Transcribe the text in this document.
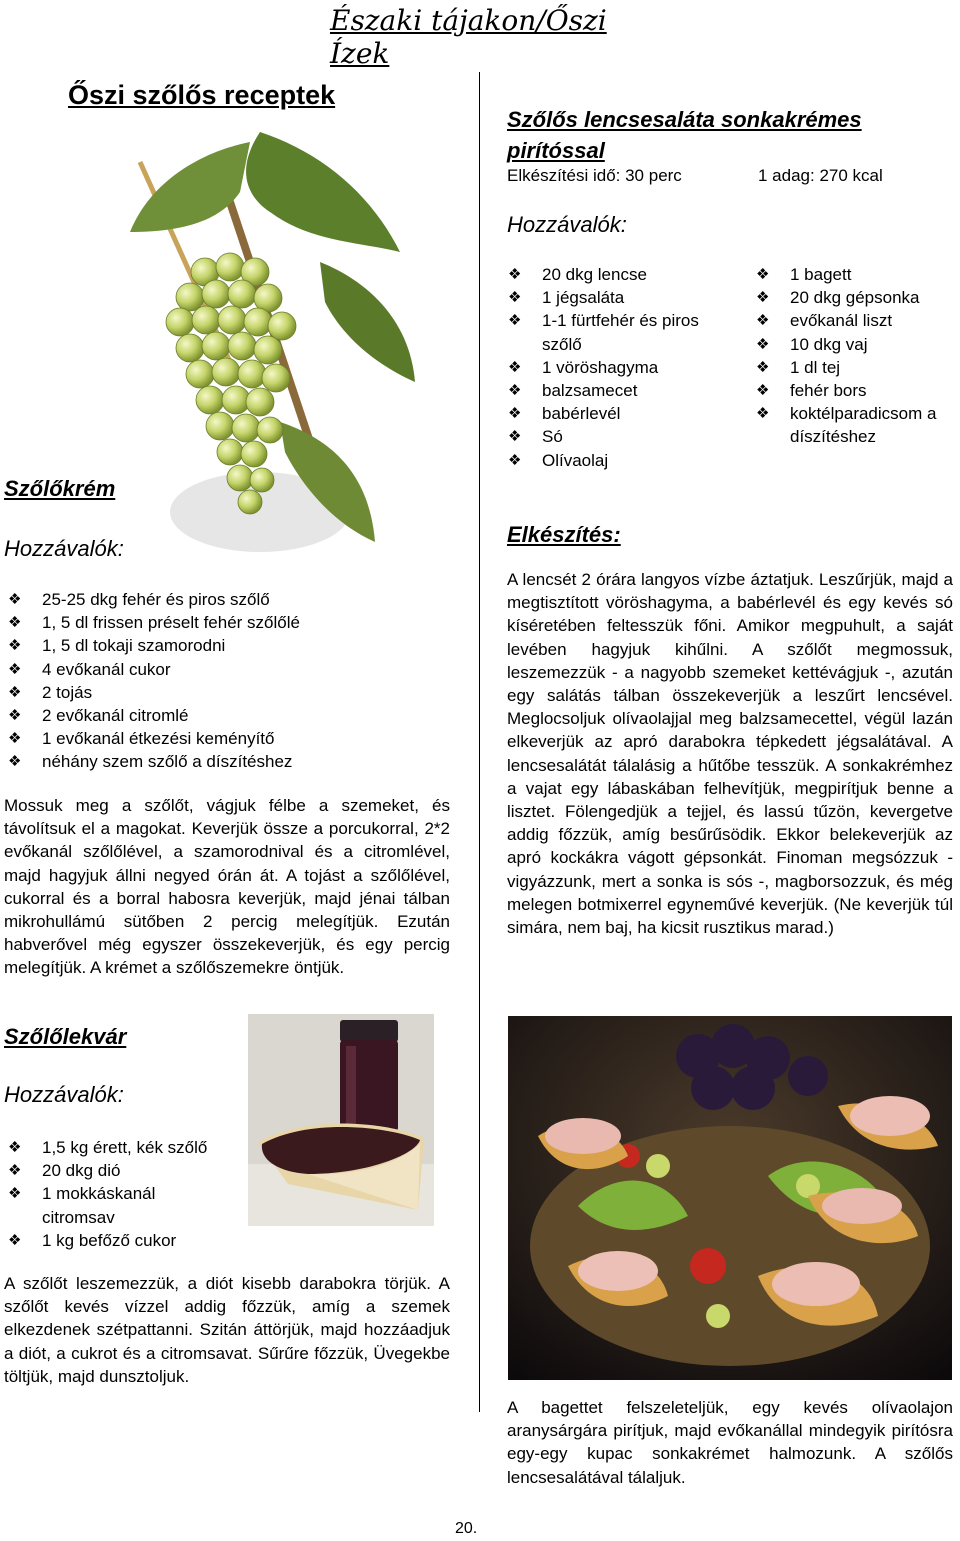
Északi tájakon/Őszi Ízek
Őszi szőlős receptek
Szőlőkrém
Hozzávalók:
❖ 25-25 dkg fehér és piros szőlő
❖ 1, 5 dl frissen préselt fehér szőlőlé
❖ 1, 5 dl tokaji szamorodni
❖ 4 evőkanál cukor
❖ 2 tojás
❖ 2 evőkanál citromlé
❖ 1 evőkanál étkezési keményítő
❖ néhány szem szőlő a díszítéshez
Mossuk meg a szőlőt, vágjuk félbe a szemeket, és távolítsuk el a magokat. Keverjük össze a porcukorral, 2*2 evőkanál szőlőlével, a szamorodnival és a citromlével, majd hagyjuk állni negyed órán át. A tojást a szőlőlével, cukorral és a borral habosra keverjük, majd jénai tálban mikrohullámú sütőben 2 percig melegítjük. Ezután habverővel még egyszer összekeverjük, és egy percig melegítjük. A krémet a szőlőszemekre öntjük.
Szőlőlekvár
Hozzávalók:
❖ 1,5 kg érett, kék szőlő
❖ 20 dkg dió
❖ 1 mokkáskanál citromsav
❖ 1 kg befőző cukor
A szőlőt leszemezzük, a diót kisebb darabokra törjük. A szőlőt kevés vízzel addig főzzük, amíg a szemek elkezdenek szétpattanni. Szitán áttörjük, majd hozzáadjuk a diót, a cukrot és a citromsavat. Sűrűre főzzük, Üvegekbe töltjük, majd dunsztoljuk.
Szőlős lencsesaláta sonkakrémes pirítóssal
Elkészítési idő: 30 perc	1 adag: 270 kcal
Hozzávalók:
❖ 20 dkg lencse
❖ 1 jégsaláta
❖ 1-1 fürtfehér és piros szőlő
❖ 1 vöröshagyma
❖ balzsamecet
❖ babérlevél
❖ Só
❖ Olívaolaj
❖ 1 bagett
❖ 20 dkg gépsonka
❖ evőkanál liszt
❖ 10 dkg vaj
❖ 1 dl tej
❖ fehér bors
❖ koktélparadicsom a díszítéshez
Elkészítés:
A lencsét 2 órára langyos vízbe áztatjuk. Leszűrjük, majd a megtisztított vöröshagyma, a babérlevél és egy kevés só kíséretében feltesszük főni. Amikor megpuhult, a saját levében hagyjuk kihűlni. A szőlőt megmossuk, leszemezzük - a nagyobb szemeket kettévágjuk -, azután egy salátás tálban összekeverjük a leszűrt lencsével. Meglocsoljuk olívaolajjal meg balzsamecettel, végül lazán elkeverjük az apró darabokra tépkedett jégsalátával. A lencsesalátát tálalásig a hűtőbe tesszük. A sonkakrémhez a vajat egy lábaskában felhevítjük, megpirítjuk benne a lisztet. Fölengedjük a tejjel, és lassú tűzön, kevergetve addig főzzük, amíg besűrűsödik. Ekkor belekeverjük az apró kockákra vágott gépsonkát. Finoman megsózzuk - vigyázzunk, mert a sonka is sós -, magborsozzuk, és még melegen botmixerrel egyneművé keverjük. (Ne keverjük túl simára, nem baj, ha kicsit rusztikus marad.)
A bagettet felszeleteljük, egy kevés olívaolajon aranysárgára pirítjuk, majd evőkanállal mindegyik pirítósra egy-egy kupac sonkakrémet halmozunk. A szőlős lencsesalátával tálaljuk.
20.
